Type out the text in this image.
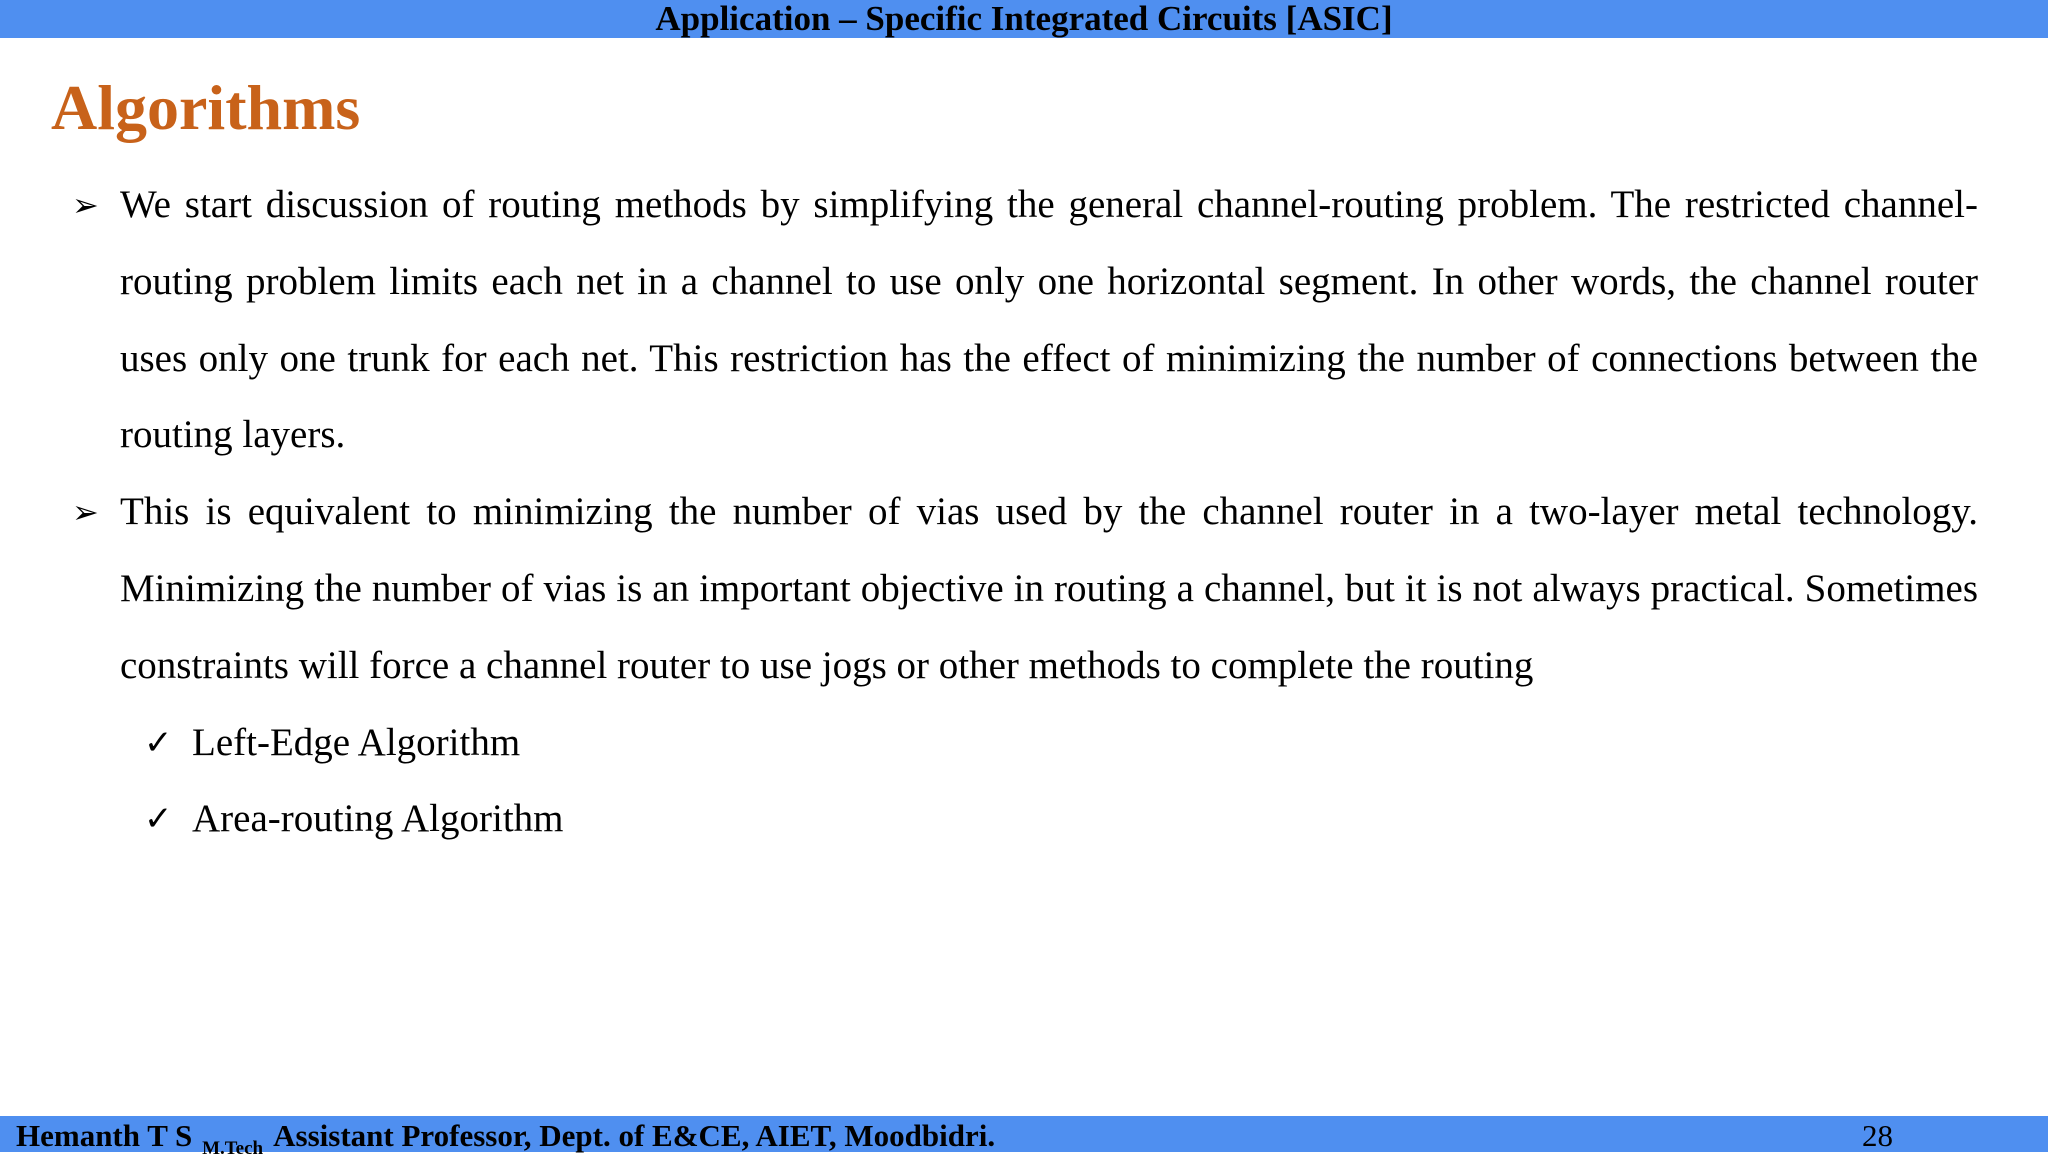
Application – Specific Integrated Circuits [ASIC]
Algorithms
➢ We start discussion of routing methods by simplifying the general channel-routing problem. The restricted channel-routing problem limits each net in a channel to use only one horizontal segment. In other words, the channel router uses only one trunk for each net. This restriction has the effect of minimizing the number of connections between the routing layers.
➢ This is equivalent to minimizing the number of vias used by the channel router in a two-layer metal technology. Minimizing the number of vias is an important objective in routing a channel, but it is not always practical. Sometimes constraints will force a channel router to use jogs or other methods to complete the routing
✓ Left-Edge Algorithm
✓ Area-routing Algorithm
Hemanth T S $_{M.Tech}$ Assistant Professor, Dept. of E&CE, AIET, Moodbidri.	28
